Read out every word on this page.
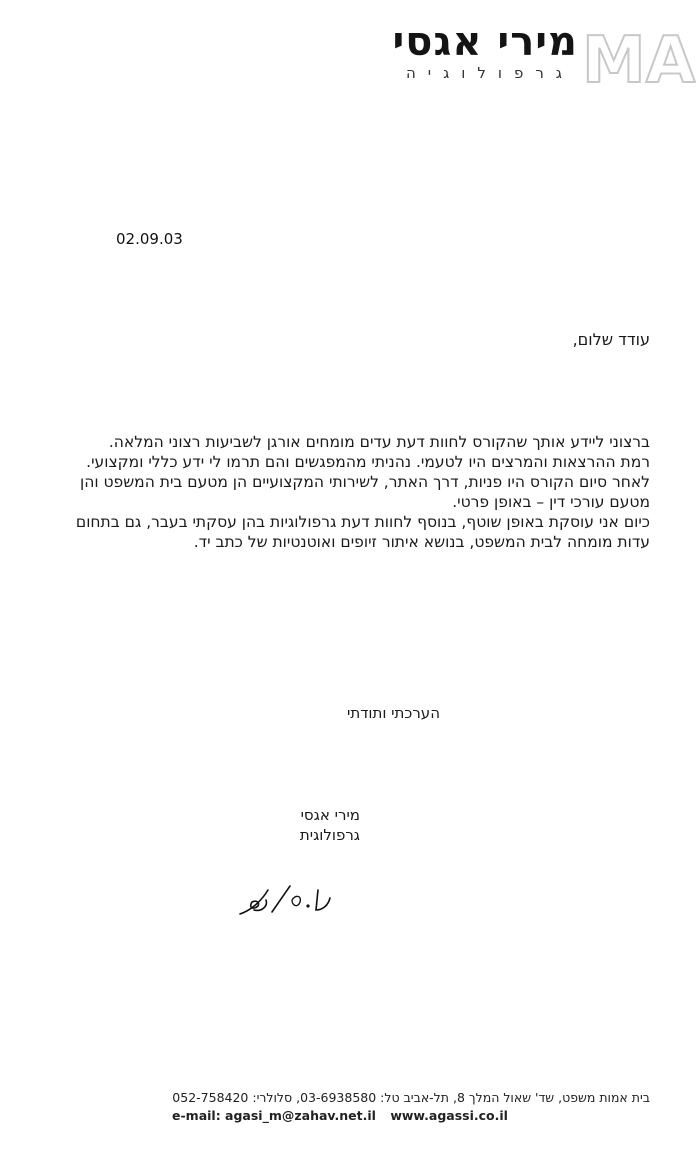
MA
מירי אגסי
גרפולוגיה
02.09.03
עודד שלום,

ברצוני ליידע אותך שהקורס לחוות דעת עדים מומחים אורגן לשביעות רצוני המלאה.

רמת ההרצאות והמרצים היו לטעמי. נהניתי מהמפגשים והם תרמו לי ידע כללי ומקצועי.

לאחר סיום הקורס היו פניות, דרך האתר, לשירותי המקצועיים הן מטעם בית המשפט והן מטעם עורכי דין – באופן פרטי.

כיום אני עוסקת באופן שוטף, בנוסף לחוות דעת גרפולוגיות בהן עסקתי בעבר, גם בתחום עדות מומחה לבית המשפט, בנושא איתור זיופים ואוטנטיות של כתב יד.

הערכתי ותודתי
מירי אגסי
גרפולוגית
בית אמות משפט, שד' שאול המלך 8, תל-אביב טל: 03-6938580, סלולרי: 052-758420
e-mail: agasi_m@zahav.net.il www.agassi.co.il
